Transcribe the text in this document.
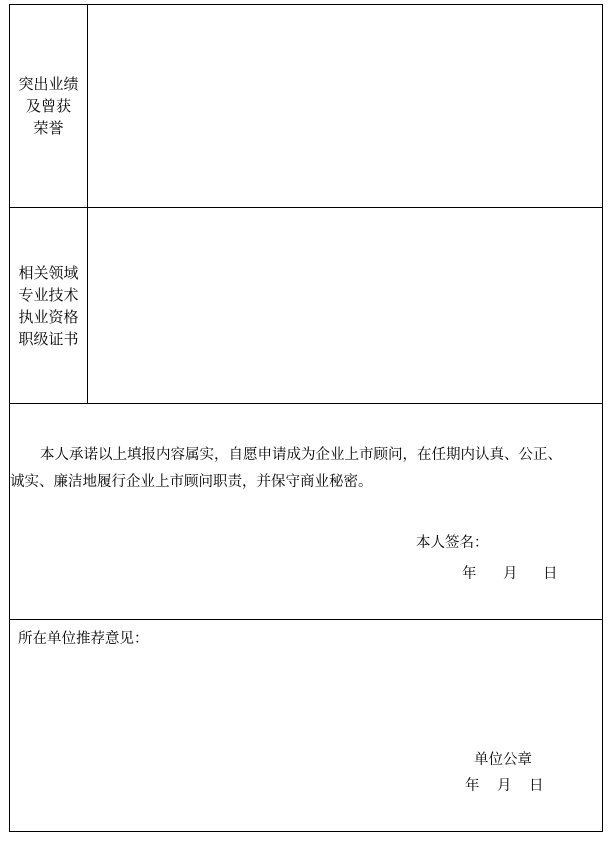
突出业绩
及曾获
荣誉
相关领域
专业技术
执业资格
职级证书
本人承诺以上填报内容属实，自愿申请成为企业上市顾问，在任期内认真、公正、
诚实、廉洁地履行企业上市顾问职责，并保守商业秘密。
本人签名：
年 月 日
所在单位推荐意见：
单位公章
年 月 日
